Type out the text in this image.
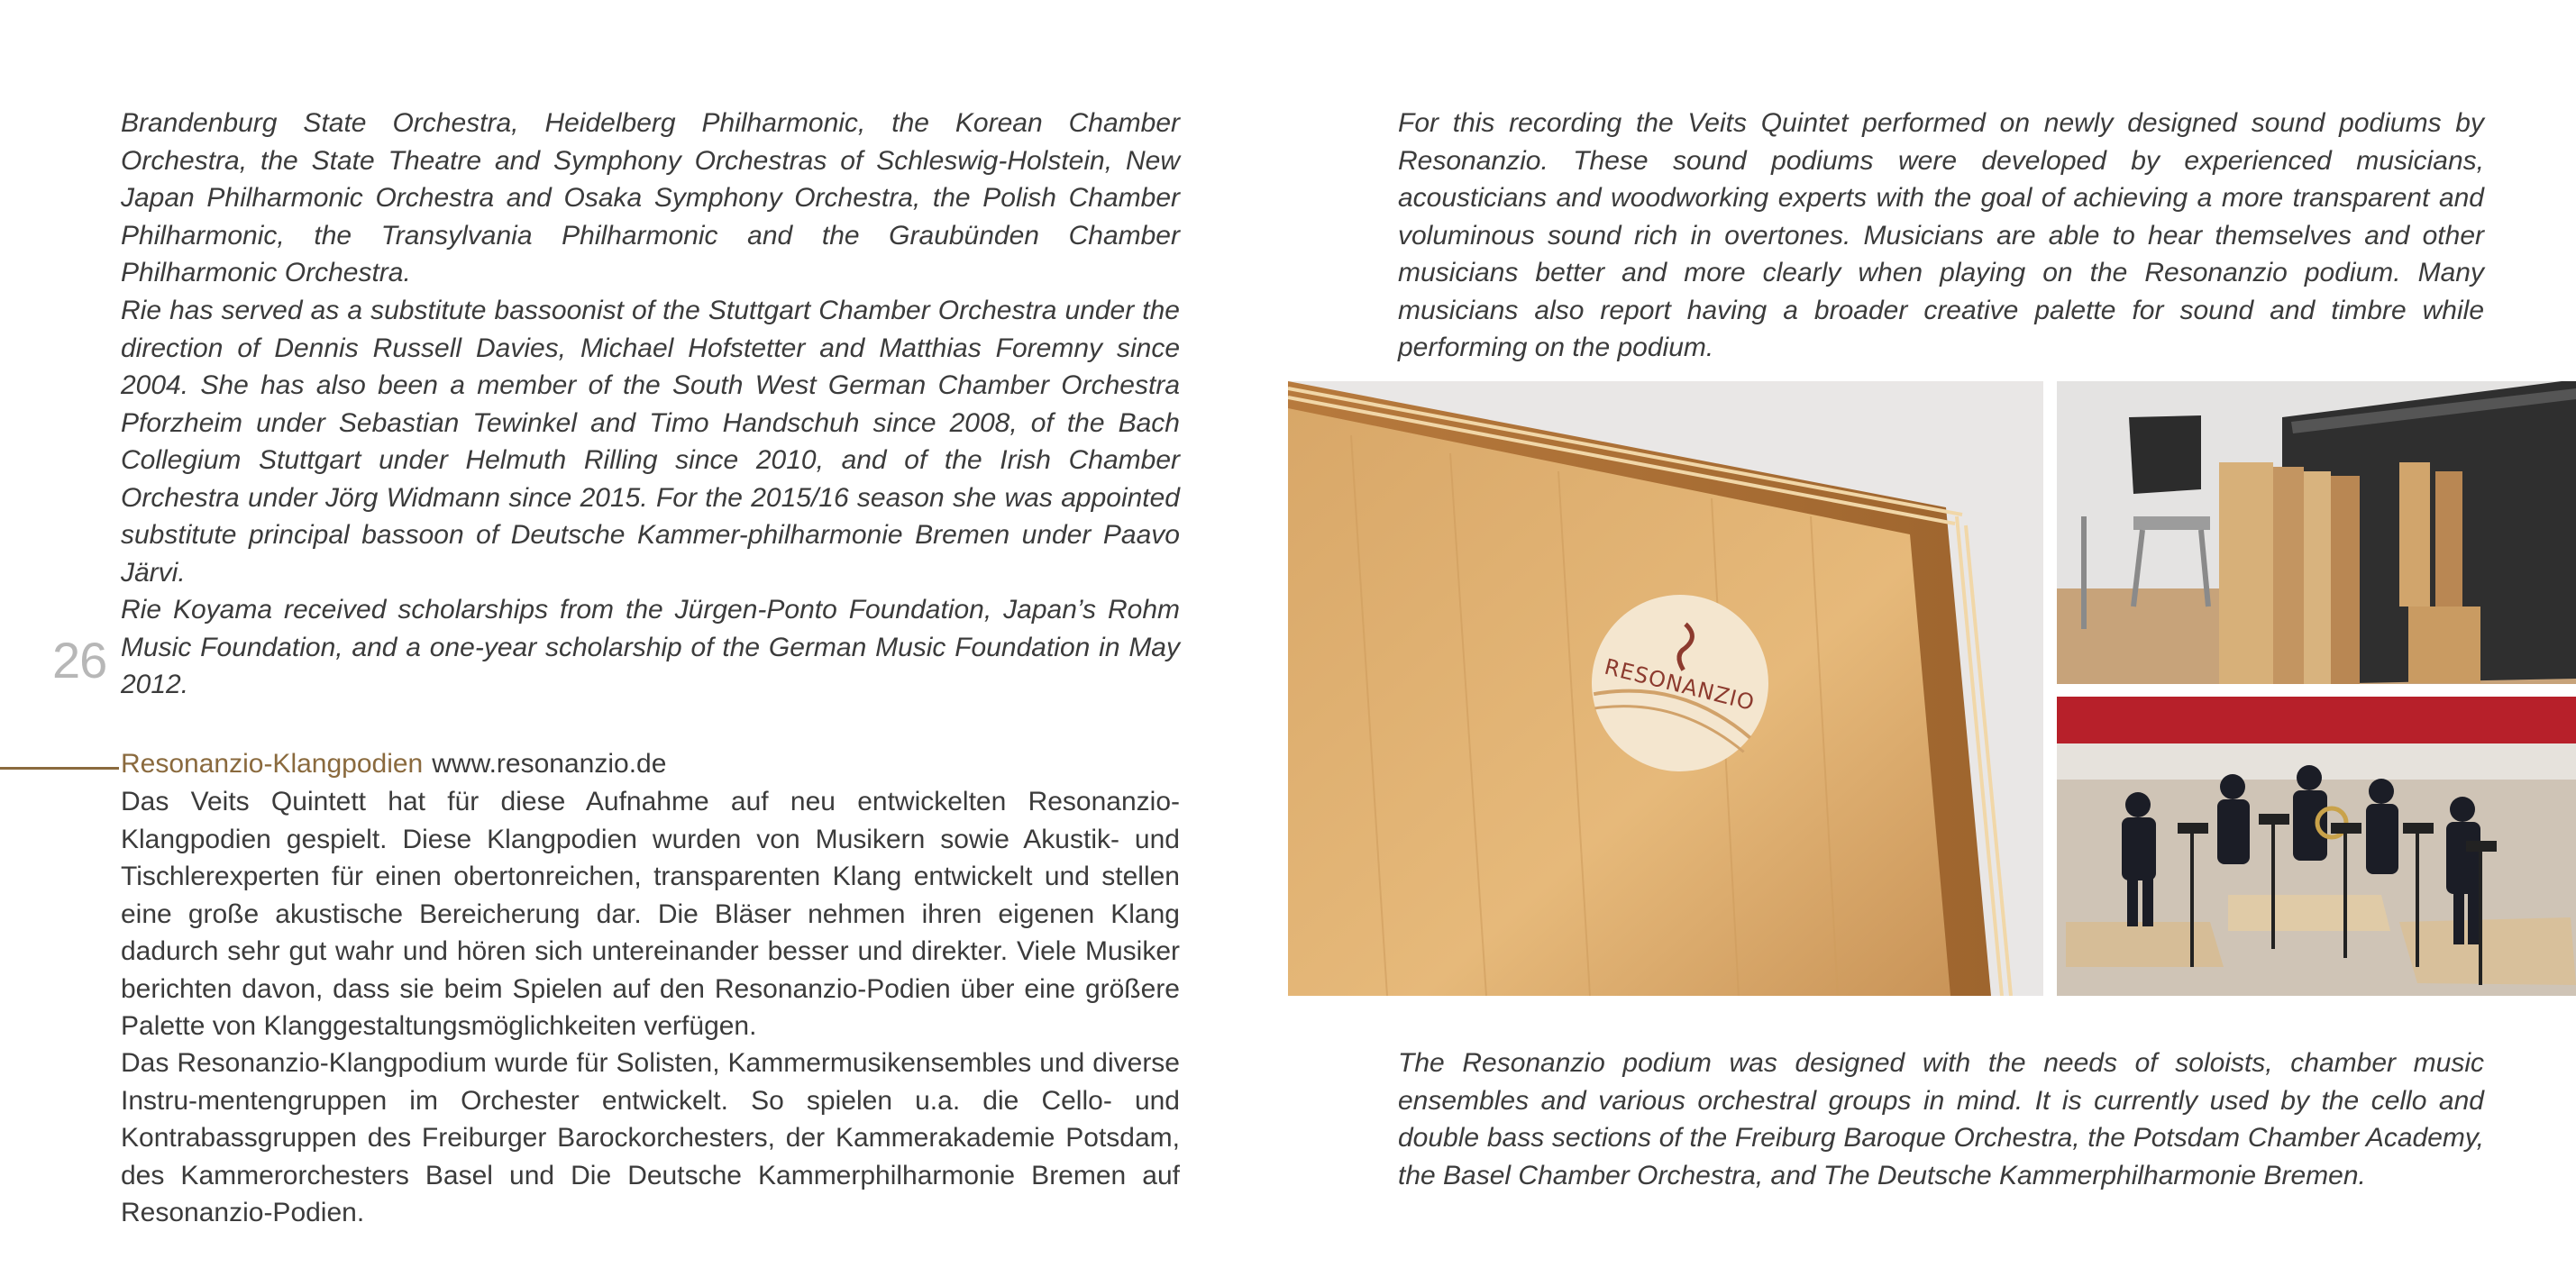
Brandenburg State Orchestra, Heidelberg Philharmonic, the Korean Chamber Orchestra, the State Theatre and Symphony Orchestras of Schleswig-Holstein, New Japan Philharmonic Orchestra and Osaka Symphony Orchestra, the Polish Chamber Philharmonic, the Transylvania Philharmonic and the Graubünden Chamber Philharmonic Orchestra.

Rie has served as a substitute bassoonist of the Stuttgart Chamber Orchestra under the direction of Dennis Russell Davies, Michael Hofstetter and Matthias Foremny since 2004. She has also been a member of the South West German Chamber Orchestra Pforzheim under Sebastian Tewinkel and Timo Handschuh since 2008, of the Bach Collegium Stuttgart under Helmuth Rilling since 2010, and of the Irish Chamber Orchestra under Jörg Widmann since 2015. For the 2015/16 season she was appointed substitute principal bassoon of Deutsche Kammer-philharmonie Bremen under Paavo Järvi.

Rie Koyama received scholarships from the Jürgen-Ponto Foundation, Japan’s Rohm Music Foundation, and a one-year scholarship of the German Music Foundation in May 2012.

26
Resonanzio-Klangpodien www.resonanzio.de

Das Veits Quintett hat für diese Aufnahme auf neu entwickelten Resonanzio-Klangpodien gespielt. Diese Klangpodien wurden von Musikern sowie Akustik- und Tischlerexperten für einen obertonreichen, transparenten Klang entwickelt und stellen eine große akustische Bereicherung dar. Die Bläser nehmen ihren eigenen Klang dadurch sehr gut wahr und hören sich untereinander besser und direkter. Viele Musiker berichten davon, dass sie beim Spielen auf den Resonanzio-Podien über eine größere Palette von Klanggestaltungsmöglichkeiten verfügen.

Das Resonanzio-Klangpodium wurde für Solisten, Kammermusikensembles und diverse Instru-mentengruppen im Orchester entwickelt. So spielen u.a. die Cello- und Kontrabassgruppen des Freiburger Barockorchesters, der Kammerakademie Potsdam, des Kammerorchesters Basel und Die Deutsche Kammerphilharmonie Bremen auf Resonanzio-Podien.

For this recording the Veits Quintet performed on newly designed sound podiums by Resonanzio. These sound podiums were developed by experienced musicians, acousticians and woodworking experts with the goal of achieving a more transparent and voluminous sound rich in overtones. Musicians are able to hear themselves and other musicians better and more clearly when playing on the Resonanzio podium. Many musicians also report having a broader creative palette for sound and timbre while performing on the podium.

RESONANZIO

The Resonanzio podium was designed with the needs of soloists, chamber music ensembles and various orchestral groups in mind. It is currently used by the cello and double bass sections of the Freiburg Baroque Orchestra, the Potsdam Chamber Academy, the Basel Chamber Orchestra, and The Deutsche Kammerphilharmonie Bremen.
